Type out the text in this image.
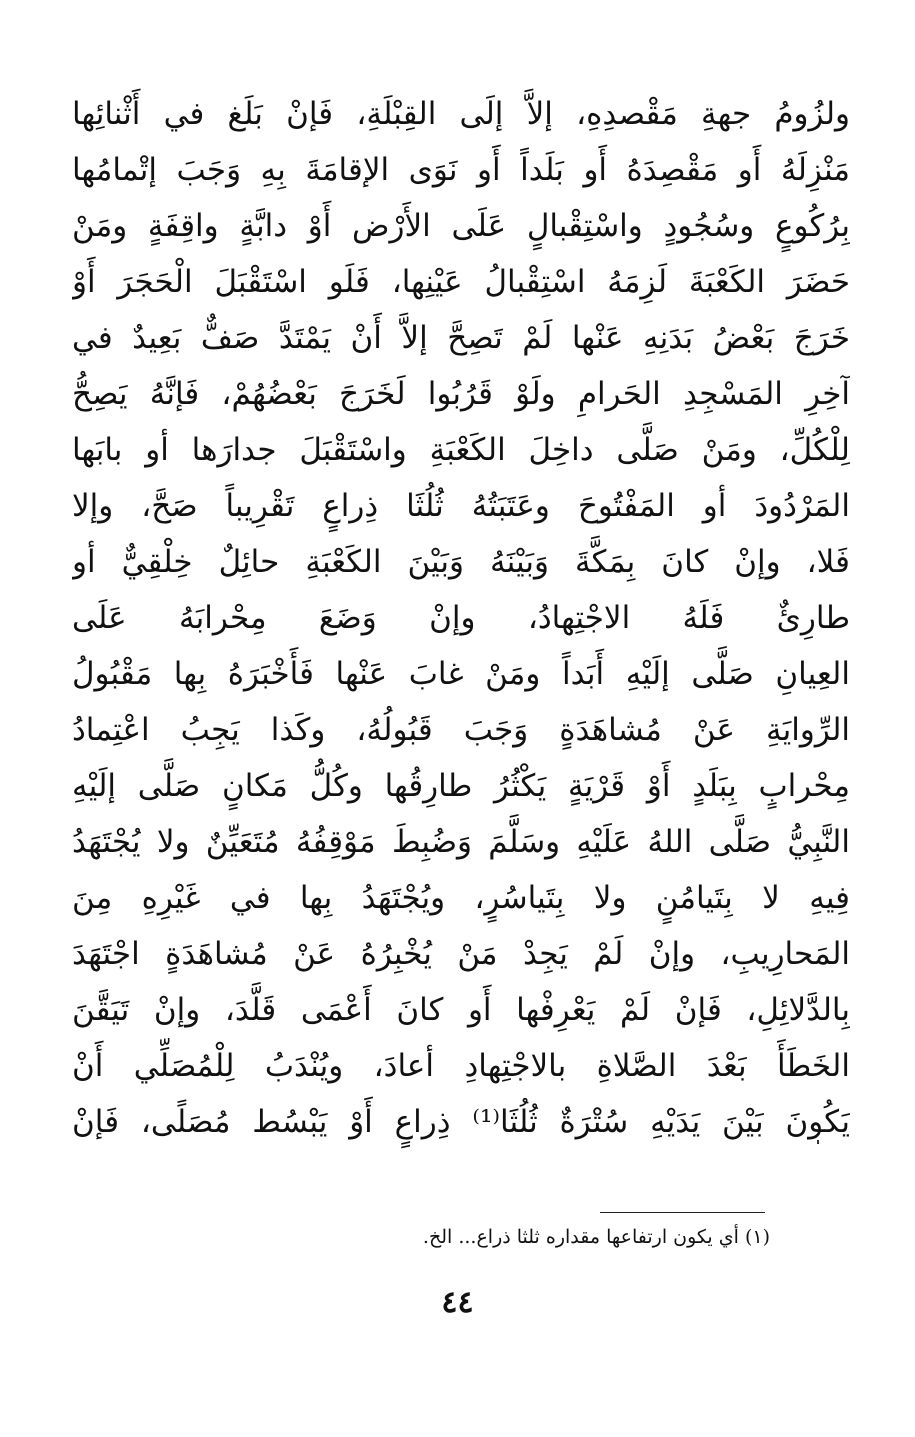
ولزُومُ جهةِ مَقْصدِهِ، إلاَّ إلَى القِبْلَةِ، فَإنْ بَلَغ في أَثْنائِها
مَنْزِلَهُ أَو مَقْصِدَهُ أَو بَلَداً أَو نَوَى الإقامَةَ بِهِ وَجَبَ إتْمامُها
بِرُكُوعٍ وسُجُودٍ واسْتِقْبالٍ عَلَى الأَرْض أَوْ دابَّةٍ واقِفَةٍ ومَنْ
حَضَرَ الكَعْبَةَ لَزِمَهُ اسْتِقْبالُ عَيْنِها، فَلَو اسْتَقْبَلَ الْحَجَرَ أَوْ
خَرَجَ بَعْضُ بَدَنِهِ عَنْها لَمْ تَصِحَّ إلاَّ أَنْ يَمْتَدَّ صَفٌّ بَعِيدٌ في
آخِرِ المَسْجِدِ الحَرامِ ولَوْ قَرُبُوا لَخَرَجَ بَعْضُهُمْ، فَإنَّهُ يَصِحُّ
لِلْكُلِّ، ومَنْ صَلَّى داخِلَ الكَعْبَةِ واسْتَقْبَلَ جدارَها أو بابَها
المَرْدُودَ أو المَفْتُوحَ وعَتَبَتُهُ ثُلُثَا ذِراعٍ تَقْرِيباً صَحَّ، وإلا
فَلا، وإنْ كانَ بِمَكَّةَ وَبَيْنَهُ وَبَيْنَ الكَعْبَةِ حائِلٌ خِلْقِيٌّ أو
طارِئٌ فَلَهُ الاجْتِهادُ، وإنْ وَضَعَ مِحْرابَهُ عَلَى
العِيانِ صَلَّى إلَيْهِ أَبَداً ومَنْ غابَ عَنْها فَأَخْبَرَهُ بِها مَقْبُولُ
الرِّوايَةِ عَنْ مُشاهَدَةٍ وَجَبَ قَبُولُهُ، وكَذا يَجِبُ اعْتِمادُ
مِحْرابٍ بِبَلَدٍ أَوْ قَرْيَةٍ يَكْثُرُ طارِقُها وكُلُّ مَكانٍ صَلَّى إلَيْهِ
النَّبِيُّ صَلَّى اللهُ عَلَيْهِ وسَلَّمَ وَضُبِطَ مَوْقِفُهُ مُتَعَيِّنٌ ولا يُجْتَهَدُ
فِيهِ لا بِتَيامُنٍ ولا بِتَياسُرٍ، ويُجْتَهَدُ بِها في غَيْرِهِ مِنَ
المَحارِيبِ، وإنْ لَمْ يَجِدْ مَنْ يُخْبِرُهُ عَنْ مُشاهَدَةٍ اجْتَهَدَ
بِالدَّلائِلِ، فَإنْ لَمْ يَعْرِفْها أَو كانَ أَعْمَى قَلَّدَ، وإنْ تَيَقَّنَ
الخَطَأَ بَعْدَ الصَّلاةِ بالاجْتِهادِ أعادَ، ويُنْدَبُ لِلْمُصَلِّي أَنْ
يَكُونَ بَيْنَ يَدَيْهِ سُتْرَةٌ ثُلُثَا⁽¹⁾ ذِراعٍ أَوْ يَبْسُط مُصَلًى، فَإنْ
(١) أي يكون ارتفاعها مقداره ثلثا ذراع... الخ.
٤٤
